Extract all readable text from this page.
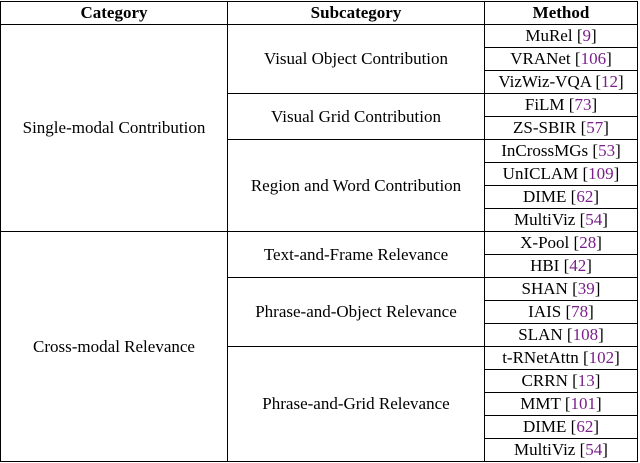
Category	Subcategory	Method
Single-modal Contribution	Visual Object Contribution	MuRel [9]
		VRANet [106]
		VizWiz-VQA [12]
	Visual Grid Contribution	FiLM [73]
		ZS-SBIR [57]
	Region and Word Contribution	InCrossMGs [53]
		UnICLAM [109]
		DIME [62]
		MultiViz [54]
Cross-modal Relevance	Text-and-Frame Relevance	X-Pool [28]
		HBI [42]
	Phrase-and-Object Relevance	SHAN [39]
		IAIS [78]
		SLAN [108]
	Phrase-and-Grid Relevance	t-RNetAttn [102]
		CRRN [13]
		MMT [101]
		DIME [62]
		MultiViz [54]
